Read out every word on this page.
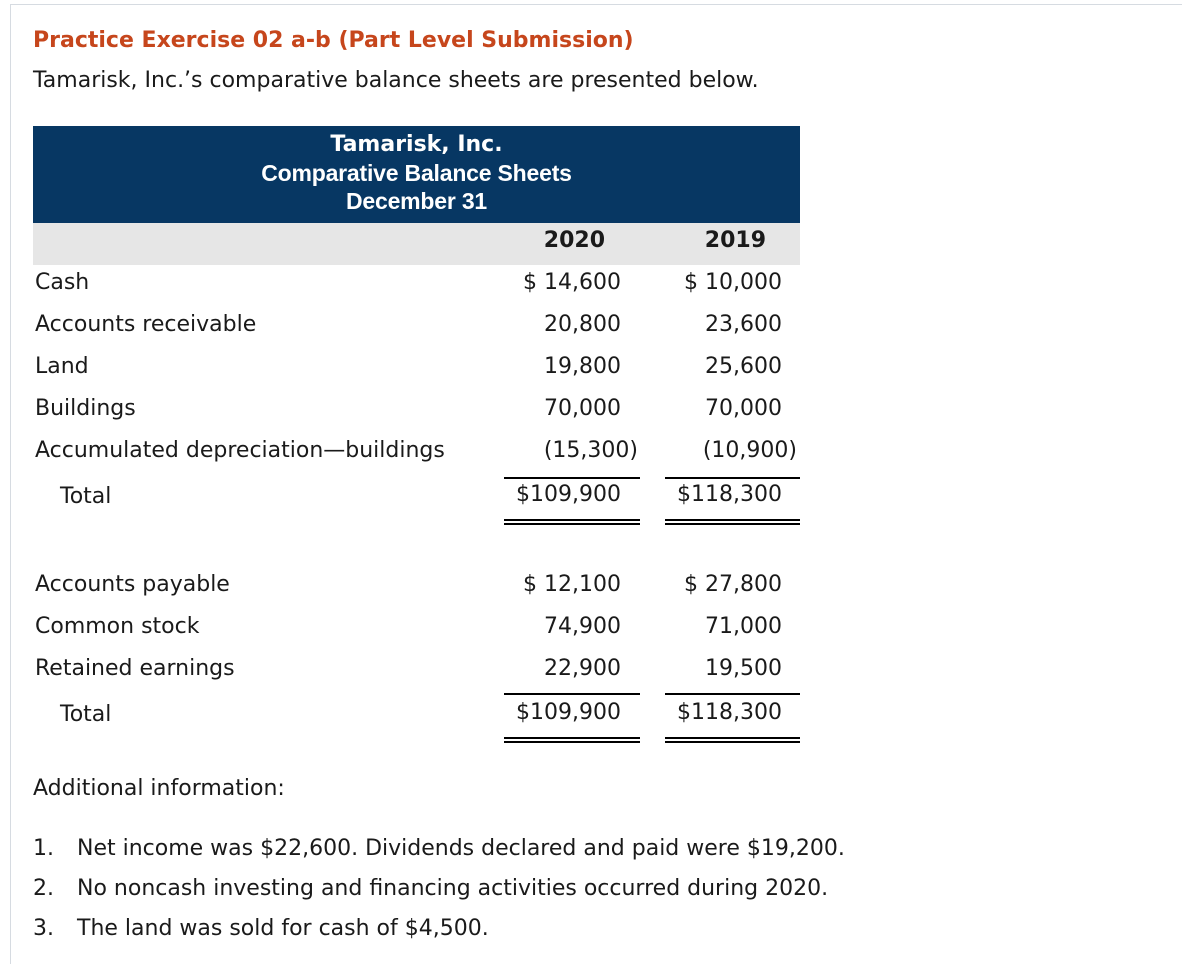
Practice Exercise 02 a-b (Part Level Submission)
Tamarisk, Inc.’s comparative balance sheets are presented below.
Tamarisk, Inc.
Comparative Balance Sheets
December 31
2020	2019
Cash	$ 14,600	$ 10,000
Accounts receivable	20,800	23,600
Land	19,800	25,600
Buildings	70,000	70,000
Accumulated depreciation—buildings	(15,300)	(10,900)
Total	$109,900	$118,300
Accounts payable	$ 12,100	$ 27,800
Common stock	74,900	71,000
Retained earnings	22,900	19,500
Total	$109,900	$118,300
Additional information:
1. Net income was $22,600. Dividends declared and paid were $19,200.
2. No noncash investing and financing activities occurred during 2020.
3. The land was sold for cash of $4,500.
